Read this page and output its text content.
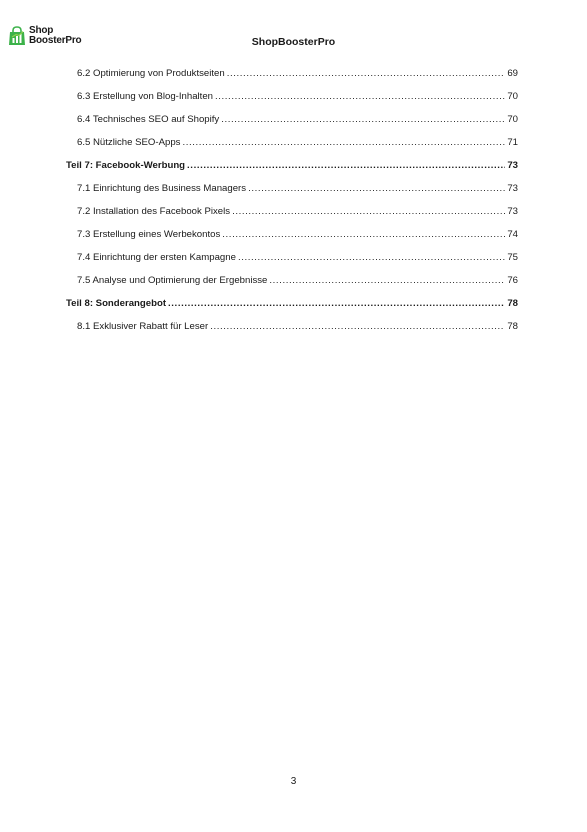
Shop
BoosterPro	ShopBoosterPro
6.2 Optimierung von Produktseiten .....	69
6.3 Erstellung von Blog-Inhalten .....	70
6.4 Technisches SEO auf Shopify .....	70
6.5 Nützliche SEO-Apps .....	71
Teil 7: Facebook-Werbung .....	73
7.1 Einrichtung des Business Managers .....	73
7.2 Installation des Facebook Pixels .....	73
7.3 Erstellung eines Werbekontos .....	74
7.4 Einrichtung der ersten Kampagne .....	75
7.5 Analyse und Optimierung der Ergebnisse .....	76
Teil 8: Sonderangebot .....	78
8.1 Exklusiver Rabatt für Leser .....	78
3
